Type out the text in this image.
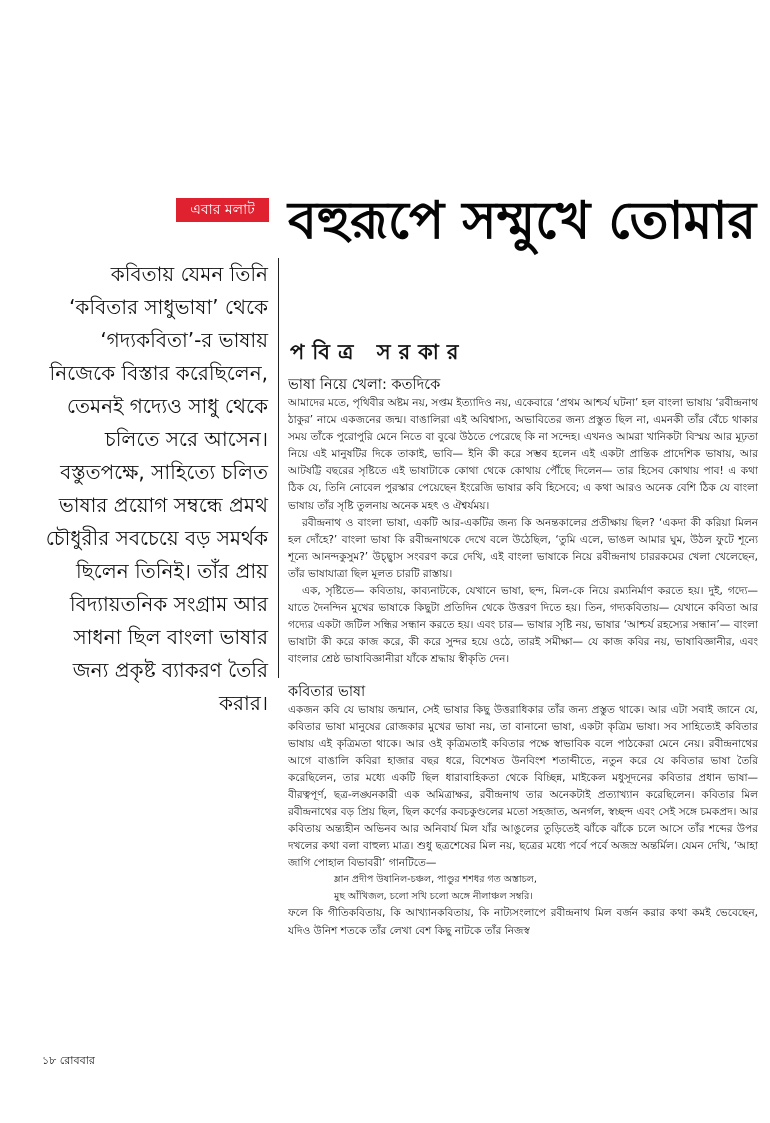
এবার মলাট বহুরূপে সম্মুখে তোমার
পবিত্র সরকার

কবিতায় যেমন তিনি ‘কবিতার সাধুভাষা’ থেকে ‘গদ্যকবিতা’-র ভাষায় নিজেকে বিস্তার করেছিলেন, তেমনই গদ্যেও সাধু থেকে চলিতে সরে আসেন। বস্তুতপক্ষে, সাহিত্যে চলিত ভাষার প্রয়োগ সম্বন্ধে প্রমথ চৌধুরীর সবচেয়ে বড় সমর্থক ছিলেন তিনিই। তাঁর প্রায় বিদ্যায়তনিক সংগ্রাম আর সাধনা ছিল বাংলা ভাষার জন্য প্রকৃষ্ট ব্যাকরণ তৈরি করার।

ভাষা নিয়ে খেলা: কতদিকে

আমাদের মতে, পৃথিবীর অষ্টম নয়, সপ্তম ইত্যাদিও নয়, একেবারে ‘প্রথম আশ্চর্য ঘটনা’ হল বাংলা ভাষায় ‘রবীন্দ্রনাথ ঠাকুর’ নামে একজনের জন্ম। বাঙালিরা এই অবিশ্বাস্য, অভাবিতের জন্য প্রস্তুত ছিল না, এমনকী তাঁর বেঁচে থাকার সময় তাঁকে পুরোপুরি মেনে নিতে বা বুঝে উঠতে পেরেছে কি না সন্দেহ। এখনও আমরা খানিকটা বিস্ময় আর মূঢ়তা নিয়ে এই মানুষটির দিকে তাকাই, ভাবি— ইনি কী করে সম্ভব হলেন এই একটা প্রান্তিক প্রাদেশিক ভাষায়, আর আটষট্টি বছরের সৃষ্টিতে এই ভাষাটাকে কোথা থেকে কোথায় পৌঁছে দিলেন— তার হিসেব কোথায় পাব! এ কথা ঠিক যে, তিনি নোবেল পুরস্কার পেয়েছেন ইংরেজি ভাষার কবি হিসেবে; এ কথা আরও অনেক বেশি ঠিক যে বাংলা ভাষায় তাঁর সৃষ্টি তুলনায় অনেক মহৎ ও ঐশ্বর্যময়।

রবীন্দ্রনাথ ও বাংলা ভাষা, একটি আর-একটির জন্য কি অনন্তকালের প্রতীক্ষায় ছিল? ‘একদা কী করিয়া মিলন হল দোঁহে?’ বাংলা ভাষা কি রবীন্দ্রনাথকে দেখে বলে উঠেছিল, ‘তুমি এলে, ভাঙল আমার ঘুম, উঠল ফুটে শূন্যে শূন্যে আনন্দকুসুম?’ উচ্ছ্বাস সংবরণ করে দেখি, এই বাংলা ভাষাকে নিয়ে রবীন্দ্রনাথ চাররকমের খেলা খেলেছেন, তাঁর ভাষাযাত্রা ছিল মূলত চারটি রাস্তায়।

এক, সৃষ্টিতে— কবিতায়, কাব্যনাটকে, যেখানে ভাষা, ছন্দ, মিল-কে নিয়ে রম্যনির্মাণ করতে হয়। দুই, গদ্যে— যাতে দৈনন্দিন মুখের ভাষাকে কিছুটা প্রতিদিন থেকে উত্তরণ দিতে হয়। তিন, গদ্যকবিতায়— যেখানে কবিতা আর গদ্যের একটা জটিল সন্ধির সন্ধান করতে হয়। এবং চার— ভাষার সৃষ্টি নয়, ভাষার ‘আশ্চর্য রহস্যের সন্ধান’— বাংলা ভাষাটা কী করে কাজ করে, কী করে সুন্দর হয়ে ওঠে, তারই সমীক্ষা— যে কাজ কবির নয়, ভাষাবিজ্ঞানীর, এবং বাংলার শ্রেষ্ঠ ভাষাবিজ্ঞানীরা যাঁকে শ্রদ্ধায় স্বীকৃতি দেন।

কবিতার ভাষা

একজন কবি যে ভাষায় জন্মান, সেই ভাষার কিছু উত্তরাধিকার তাঁর জন্য প্রস্তুত থাকে। আর এটা সবাই জানে যে, কবিতার ভাষা মানুষের রোজকার মুখের ভাষা নয়, তা বানানো ভাষা, একটা কৃত্রিম ভাষা। সব সাহিত্যেই কবিতার ভাষায় এই কৃত্রিমতা থাকে। আর ওই কৃত্রিমতাই কবিতার পক্ষে স্বাভাবিক বলে পাঠকেরা মেনে নেয়। রবীন্দ্রনাথের আগে বাঙালি কবিরা হাজার বছর ধরে, বিশেষত উনবিংশ শতাব্দীতে, নতুন করে যে কবিতার ভাষা তৈরি করেছিলেন, তার মধ্যে একটি ছিল ধারাবাহিকতা থেকে বিচ্ছিন্ন, মাইকেল মধুসূদনের কবিতার প্রধান ভাষা— বীরত্বপূর্ণ, ছত্র-লঙ্ঘনকারী এক অমিত্রাক্ষর, রবীন্দ্রনাথ তার অনেকটাই প্রত্যাখ্যান করেছিলেন। কবিতার মিল রবীন্দ্রনাথের বড় প্রিয় ছিল, ছিল কর্ণের কবচকুণ্ডলের মতো সহজাত, অনর্গল, স্বচ্ছন্দ এবং সেই সঙ্গে চমকপ্রদ। আর কবিতায় অন্ত্যহীন অভিনব আর অনিবার্য মিল যাঁর আঙুলের তুড়িতেই ঝাঁকে ঝাঁকে চলে আসে তাঁর শব্দের উপর দখলের কথা বলা বাহুল্য মাত্র। শুধু ছত্রশেষের মিল নয়, ছত্রের মধ্যে পর্বে পর্বে অজস্র অন্তর্মিল। যেমন দেখি, ‘আহা জাগি পোহাল বিভাবরী’ গানটিতে—

ম্লান প্রদীপ উষানিল-চঞ্চল, পাণ্ডুর শশধর গত অস্তাচল,

মুছ আঁখিজল, চলো সখি চলো অঙ্গে নীলাঞ্চল সম্বরি।

ফলে কি গীতিকবিতায়, কি আখ্যানকবিতায়, কি নাট্যসংলাপে রবীন্দ্রনাথ মিল বর্জন করার কথা কমই ভেবেছেন, যদিও উনিশ শতকে তাঁর লেখা বেশ কিছু নাটকে তাঁর নিজস্ব

১৮ রোববার
